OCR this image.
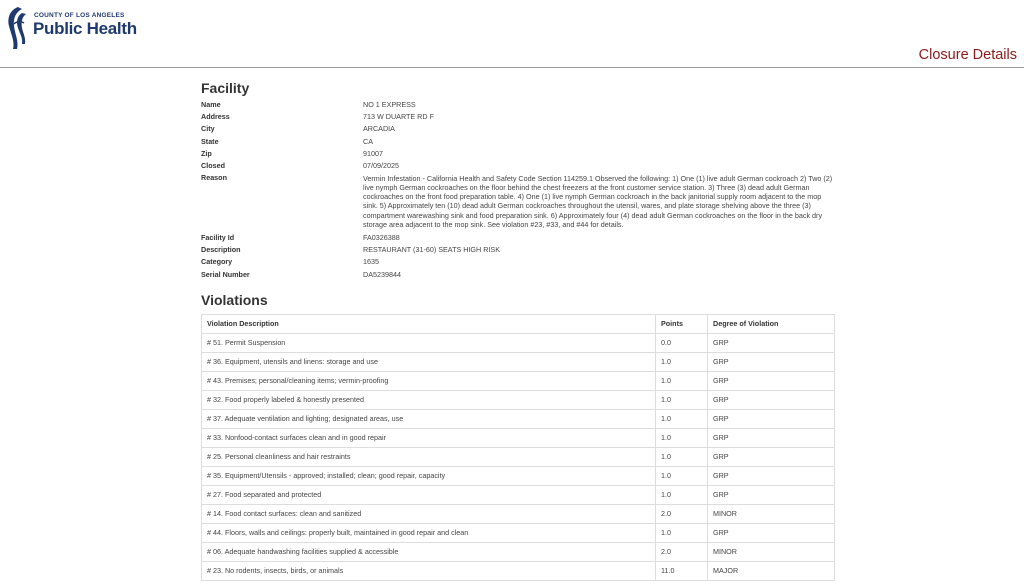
COUNTY OF LOS ANGELES
Public Health
Closure Details
Facility
Name	NO 1 EXPRESS
Address	713 W DUARTE RD F
City	ARCADIA
State	CA
Zip	91007
Closed	07/09/2025
Reason	Vermin Infestation - California Health and Safety Code Section 114259.1 Observed the following: 1) One (1) live adult German cockroach 2) Two (2) live nymph German cockroaches on the floor behind the chest freezers at the front customer service station. 3) Three (3) dead adult German cockroaches on the front food preparation table. 4) One (1) live nymph German cockroach in the back janitorial supply room adjacent to the mop sink. 5) Approximately ten (10) dead adult German cockroaches throughout the utensil, wares, and plate storage shelving above the three (3) compartment warewashing sink and food preparation sink. 6) Approximately four (4) dead adult German cockroaches on the floor in the back dry storage area adjacent to the mop sink. See violation #23, #33, and #44 for details.
Facility Id	FA0326388
Description	RESTAURANT (31-60) SEATS HIGH RISK
Category	1635
Serial Number	DA5239844
Violations
Violation Description	Points	Degree of Violation
# 51. Permit Suspension	0.0	GRP
# 36. Equipment, utensils and linens: storage and use	1.0	GRP
# 43. Premises; personal/cleaning items; vermin-proofing	1.0	GRP
# 32. Food properly labeled & honestly presented	1.0	GRP
# 37. Adequate ventilation and lighting; designated areas, use	1.0	GRP
# 33. Nonfood-contact surfaces clean and in good repair	1.0	GRP
# 25. Personal cleanliness and hair restraints	1.0	GRP
# 35. Equipment/Utensils - approved; installed; clean; good repair, capacity	1.0	GRP
# 27. Food separated and protected	1.0	GRP
# 14. Food contact surfaces: clean and sanitized	2.0	MINOR
# 44. Floors, walls and ceilings: properly built, maintained in good repair and clean	1.0	GRP
# 06. Adequate handwashing facilities supplied & accessible	2.0	MINOR
# 23. No rodents, insects, birds, or animals	11.0	MAJOR
